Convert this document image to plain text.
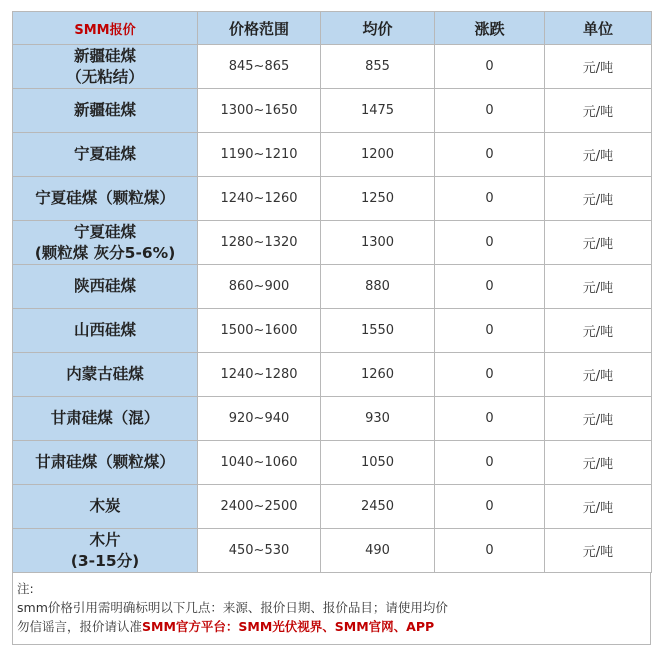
SMM报价	价格范围	均价	涨跌	单位

新疆硅煤
（无粘结）	845~865	855	0	元/吨

新疆硅煤	1300~1650	1475	0	元/吨

宁夏硅煤	1190~1210	1200	0	元/吨

宁夏硅煤（颗粒煤）	1240~1260	1250	0	元/吨

宁夏硅煤
(颗粒煤 灰分5-6%)	1280~1320	1300	0	元/吨

陕西硅煤	860~900	880	0	元/吨

山西硅煤	1500~1600	1550	0	元/吨

内蒙古硅煤	1240~1280	1260	0	元/吨

甘肃硅煤（混）	920~940	930	0	元/吨

甘肃硅煤（颗粒煤）	1040~1060	1050	0	元/吨

木炭	2400~2500	2450	0	元/吨

木片
(3-15分)	450~530	490	0	元/吨
注:
smm价格引用需明确标明以下几点：来源、报价日期、报价品目；请使用均价
勿信谣言，报价请认准SMM官方平台：SMM光伏视界、SMM官网、APP
